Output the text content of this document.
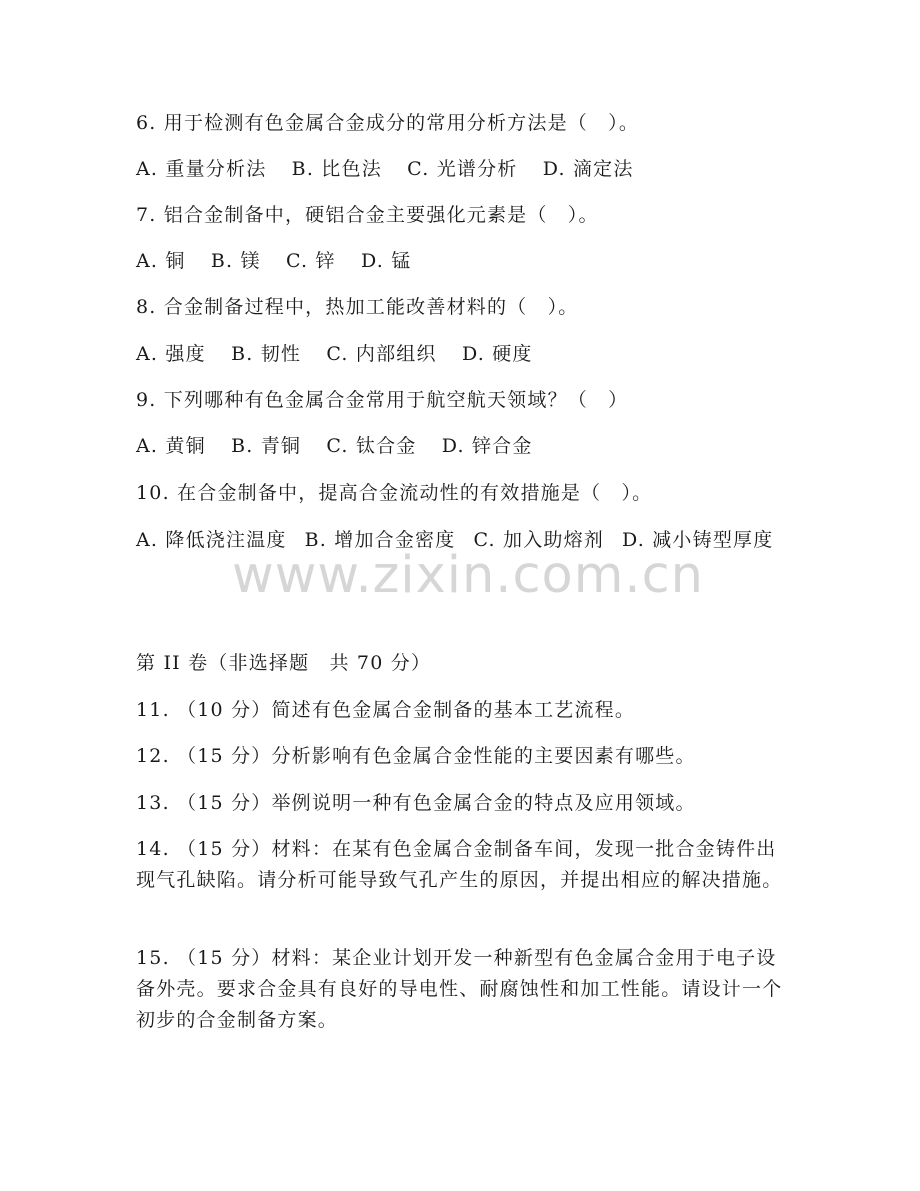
6. 用于检测有色金属合金成分的常用分析方法是（　）。
A. 重量分析法 B. 比色法 C. 光谱分析 D. 滴定法
7. 铝合金制备中，硬铝合金主要强化元素是（　）。
A. 铜 B. 镁 C. 锌 D. 锰
8. 合金制备过程中，热加工能改善材料的（　）。
A. 强度 B. 韧性 C. 内部组织 D. 硬度
9. 下列哪种有色金属合金常用于航空航天领域？（　）
A. 黄铜 B. 青铜 C. 钛合金 D. 锌合金
10. 在合金制备中，提高合金流动性的有效措施是（　）。
A. 降低浇注温度 B. 增加合金密度 C. 加入助熔剂 D. 减小铸型厚度
www.zixin.com.cn
第 II 卷（非选择题　共 70 分）
11. （10 分）简述有色金属合金制备的基本工艺流程。
12. （15 分）分析影响有色金属合金性能的主要因素有哪些。
13. （15 分）举例说明一种有色金属合金的特点及应用领域。
14. （15 分）材料：在某有色金属合金制备车间，发现一批合金铸件出现气孔缺陷。请分析可能导致气孔产生的原因，并提出相应的解决措施。
15. （15 分）材料：某企业计划开发一种新型有色金属合金用于电子设备外壳。要求合金具有良好的导电性、耐腐蚀性和加工性能。请设计一个初步的合金制备方案。
